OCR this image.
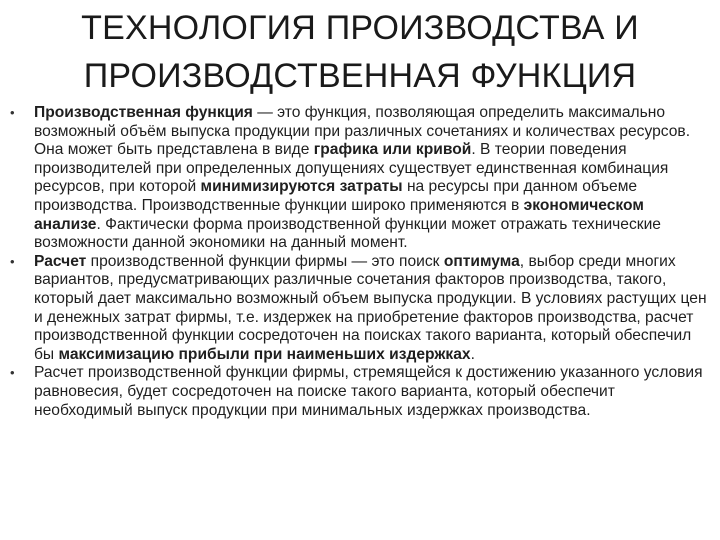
ТЕХНОЛОГИЯ ПРОИЗВОДСТВА И
ПРОИЗВОДСТВЕННАЯ ФУНКЦИЯ
•	Производственная функция — это функция, позволяющая определить максимально возможный объём выпуска продукции при различных сочетаниях и количествах ресурсов. Она может быть представлена в виде графика или кривой. В теории поведения производителей при определенных допущениях существует единственная комбинация ресурсов, при которой минимизируются затраты на ресурсы при данном объеме производства. Производственные функции широко применяются в экономическом анализе. Фактически форма производственной функции может отражать технические возможности данной экономики на данный момент.
•	Расчет производственной функции фирмы — это поиск оптимума, выбор среди многих вариантов, предусматривающих различные сочетания факторов производства, такого, который дает максимально возможный объем выпуска продукции. В условиях растущих цен и денежных затрат фирмы, т.е. издержек на приобретение факторов производства, расчет производственной функции сосредоточен на поисках такого варианта, который обеспечил бы максимизацию прибыли при наименьших издержках.
•	Расчет производственной функции фирмы, стремящейся к достижению указанного условия равновесия, будет сосредоточен на поиске такого варианта, который обеспечит необходимый выпуск продукции при минимальных издержках производства.
